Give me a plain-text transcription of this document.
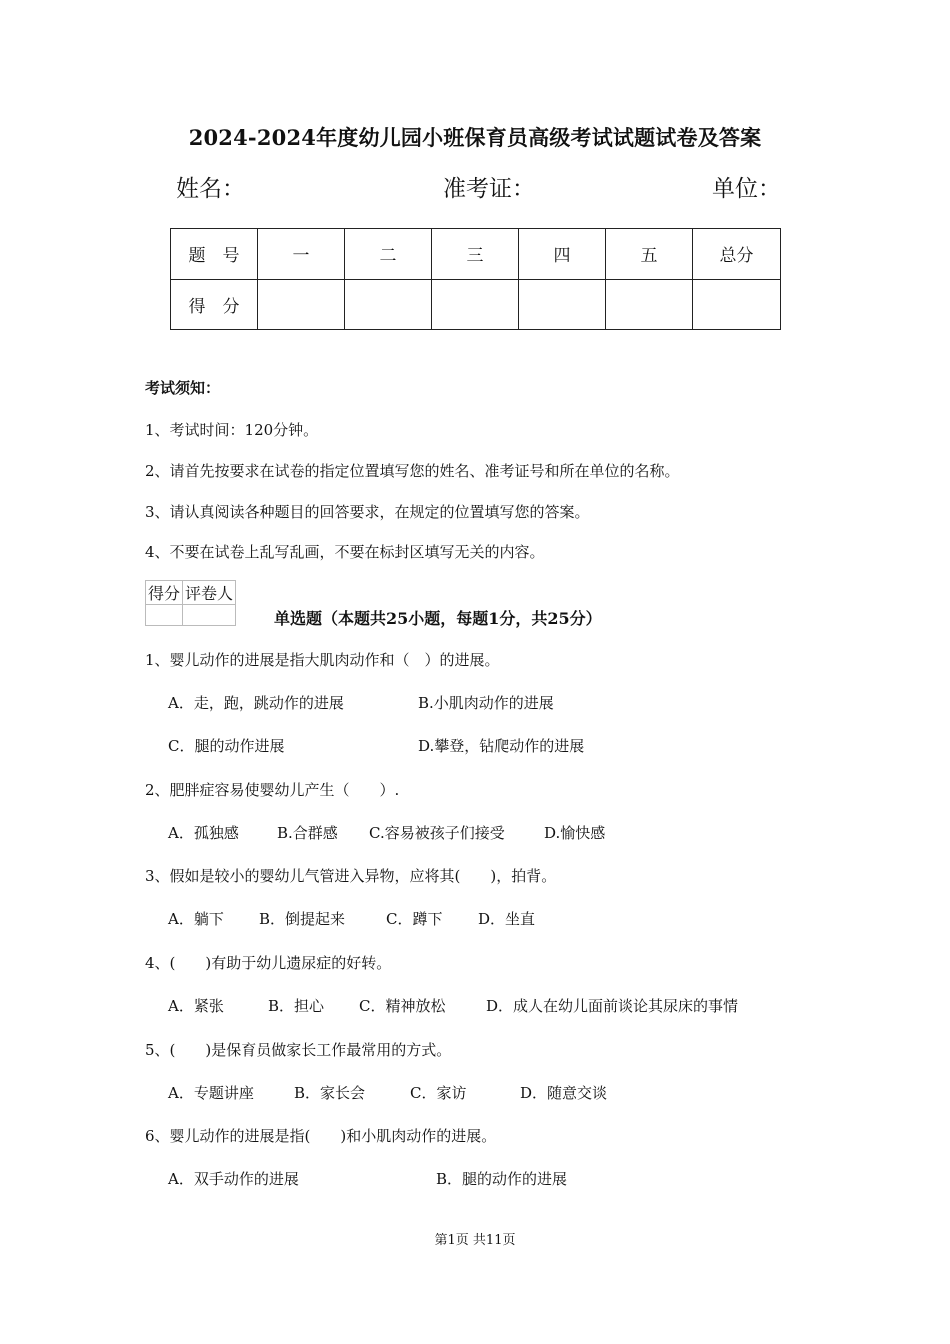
2024-2024年度幼儿园小班保育员高级考试试题试卷及答案
姓名：	准考证：	单位：
题　号	一	二	三	四	五	总分
得　分						
考试须知：
1、考试时间：120分钟。
2、请首先按要求在试卷的指定位置填写您的姓名、准考证号和所在单位的名称。
3、请认真阅读各种题目的回答要求，在规定的位置填写您的答案。
4、不要在试卷上乱写乱画，不要在标封区填写无关的内容。
得分	评卷人

单选题（本题共25小题，每题1分，共25分）
1、婴儿动作的进展是指大肌肉动作和（　）的进展。
A．走，跑，跳动作的进展	B.小肌肉动作的进展
C．腿的动作进展	D.攀登，钻爬动作的进展
2、肥胖症容易使婴幼儿产生（　　）.
A．孤独感	B.合群感 C.容易被孩子们接受	D.愉快感
3、假如是较小的婴幼儿气管进入异物，应将其(　　)，拍背。
A．躺下 B．倒提起来	C．蹲下 D．坐直
4、(　　)有助于幼儿遗尿症的好转。
A．紧张	B．担心 C．精神放松	D．成人在幼儿面前谈论其尿床的事情
5、(　　)是保育员做家长工作最常用的方式。
A．专题讲座	B．家长会	C．家访	D．随意交谈
6、婴儿动作的进展是指(　　)和小肌肉动作的进展。
A．双手动作的进展	B．腿的动作的进展
第1页 共11页
